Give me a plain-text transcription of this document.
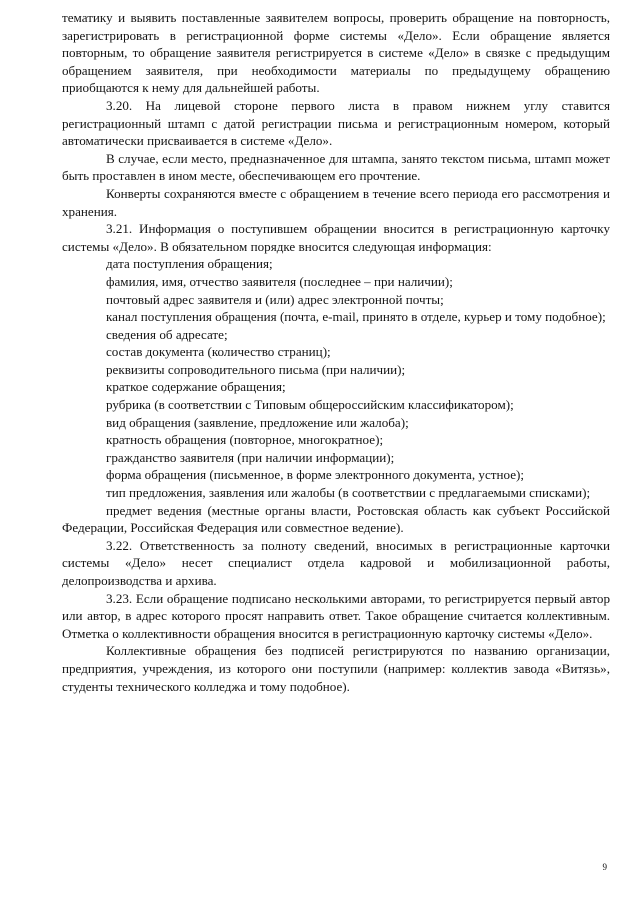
тематику и выявить поставленные заявителем вопросы, проверить обращение на повторность, зарегистрировать в регистрационной форме системы «Дело». Если обращение является повторным, то обращение заявителя регистрируется в системе «Дело» в связке с предыдущим обращением заявителя, при необходимости материалы по предыдущему обращению приобщаются к нему для дальнейшей работы.

3.20. На лицевой стороне первого листа в правом нижнем углу ставится регистрационный штамп с датой регистрации письма и регистрационным номером, который автоматически присваивается в системе «Дело».

В случае, если место, предназначенное для штампа, занято текстом письма, штамп может быть проставлен в ином месте, обеспечивающем его прочтение.

Конверты сохраняются вместе с обращением в течение всего периода его рассмотрения и хранения.

3.21. Информация о поступившем обращении вносится в регистрационную карточку системы «Дело». В обязательном порядке вносится следующая информация:

дата поступления обращения;

фамилия, имя, отчество заявителя (последнее – при наличии);

почтовый адрес заявителя и (или) адрес электронной почты;

канал поступления обращения (почта, e-mail, принято в отделе, курьер и тому подобное);

сведения об адресате;

состав документа (количество страниц);

реквизиты сопроводительного письма (при наличии);

краткое содержание обращения;

рубрика (в соответствии с Типовым общероссийским классификатором);

вид обращения (заявление, предложение или жалоба);

кратность обращения (повторное, многократное);

гражданство заявителя (при наличии информации);

форма обращения (письменное, в форме электронного документа, устное);

тип предложения, заявления или жалобы (в соответствии с предлагаемыми списками);

предмет ведения (местные органы власти, Ростовская область как субъект Российской Федерации, Российская Федерация или совместное ведение).

3.22. Ответственность за полноту сведений, вносимых в регистрационные карточки системы «Дело» несет специалист отдела кадровой и мобилизационной работы, делопроизводства и архива.

3.23. Если обращение подписано несколькими авторами, то регистрируется первый автор или автор, в адрес которого просят направить ответ. Такое обращение считается коллективным. Отметка о коллективности обращения вносится в регистрационную карточку системы «Дело».

Коллективные обращения без подписей регистрируются по названию организации, предприятия, учреждения, из которого они поступили (например: коллектив завода «Витязь», студенты технического колледжа и тому подобное).

9
